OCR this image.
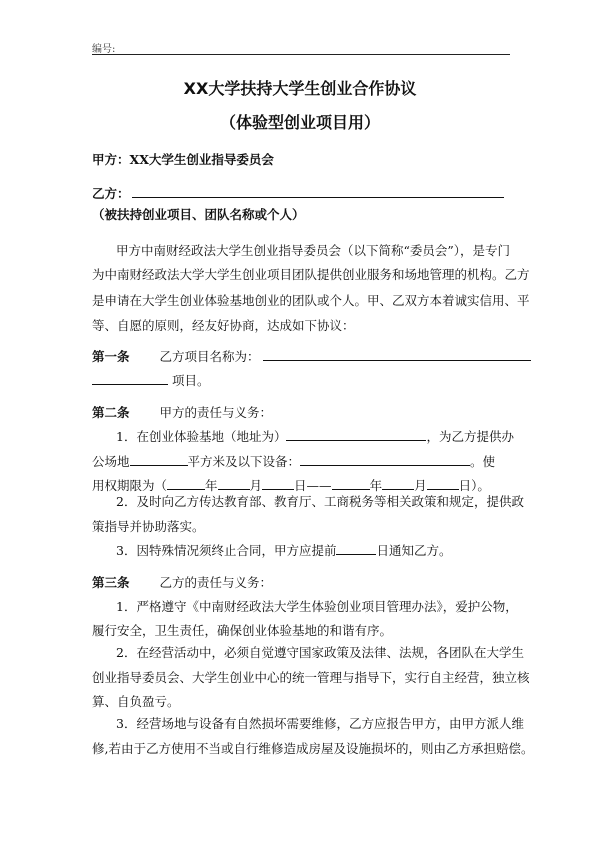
编号:
XX大学扶持大学生创业合作协议
（体验型创业项目用）
甲方：XX大学生创业指导委员会
乙方：
（被扶持创业项目、团队名称或个人）
甲方中南财经政法大学生创业指导委员会（以下简称“委员会”），是专门
为中南财经政法大学大学生创业项目团队提供创业服务和场地管理的机构。乙方
是申请在大学生创业体验基地创业的团队或个人。甲、乙双方本着诚实信用、平
等、自愿的原则，经友好协商，达成如下协议：
第一条 乙方项目名称为：
项目。
第二条 甲方的责任与义务：
1．在创业体验基地（地址为）	，为乙方提供办
公场地	平方米及以下设备：	。使
用权期限为（	年	月	日——	年	月	日）。
2．及时向乙方传达教育部、教育厅、工商税务等相关政策和规定，提供政
策指导并协助落实。
3．因特殊情况须终止合同，甲方应提前	日通知乙方。
第三条 乙方的责任与义务：
1．严格遵守《中南财经政法大学生体验创业项目管理办法》，爱护公物，
履行安全，卫生责任，确保创业体验基地的和谐有序。
2．在经营活动中，必须自觉遵守国家政策及法律、法规，各团队在大学生
创业指导委员会、大学生创业中心的统一管理与指导下，实行自主经营，独立核
算、自负盈亏。
3．经营场地与设备有自然损坏需要维修，乙方应报告甲方，由甲方派人维
修,若由于乙方使用不当或自行维修造成房屋及设施损坏的，则由乙方承担赔偿。
